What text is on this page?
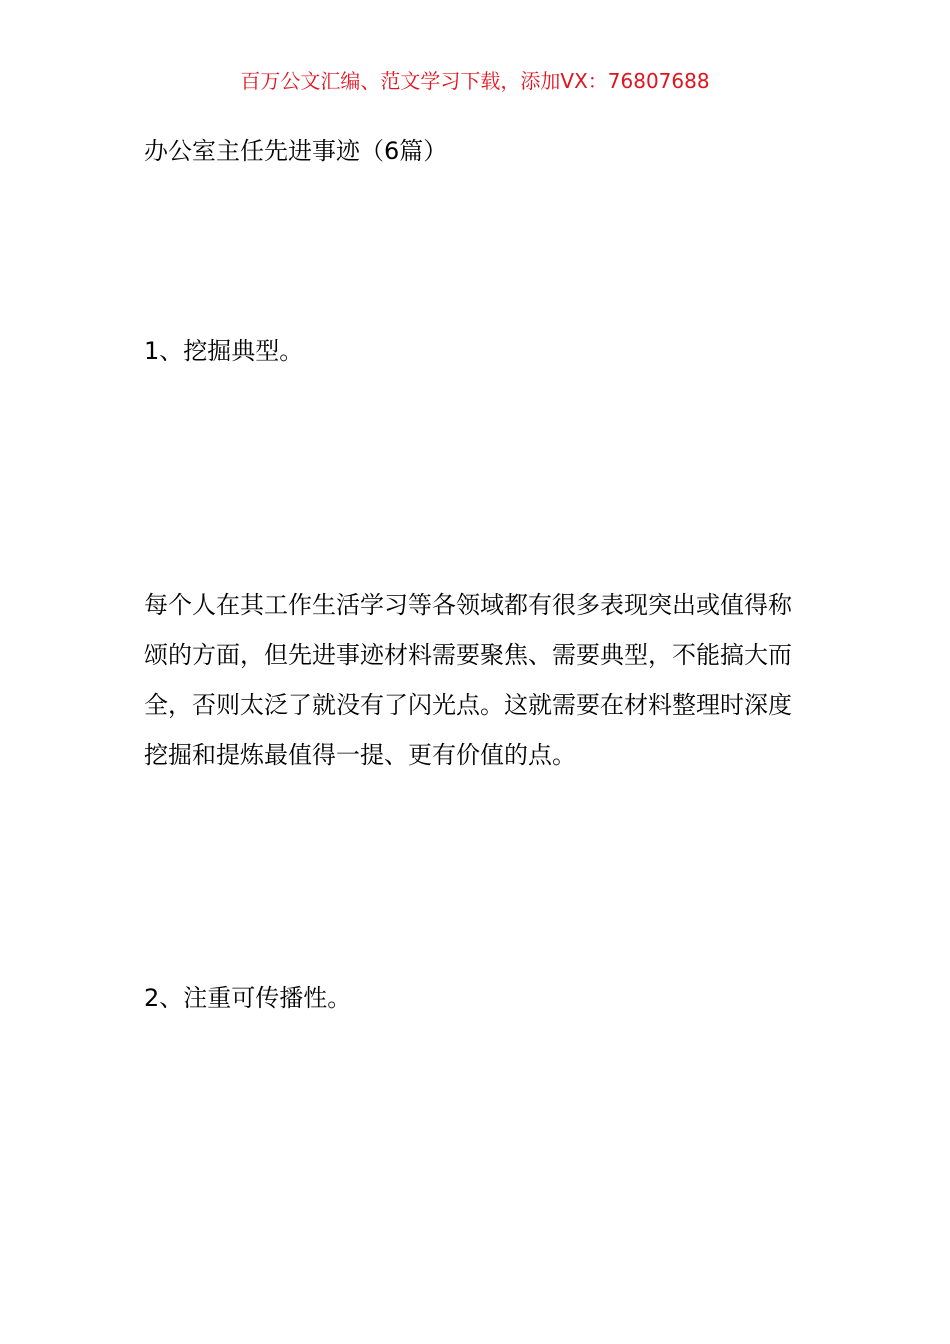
百万公文汇编、范文学习下载，添加VX：76807688
办公室主任先进事迹（6篇）
1、挖掘典型。
每个人在其工作生活学习等各领域都有很多表现突出或值得称
颂的方面，但先进事迹材料需要聚焦、需要典型，不能搞大而
全，否则太泛了就没有了闪光点。这就需要在材料整理时深度
挖掘和提炼最值得一提、更有价值的点。
2、注重可传播性。
